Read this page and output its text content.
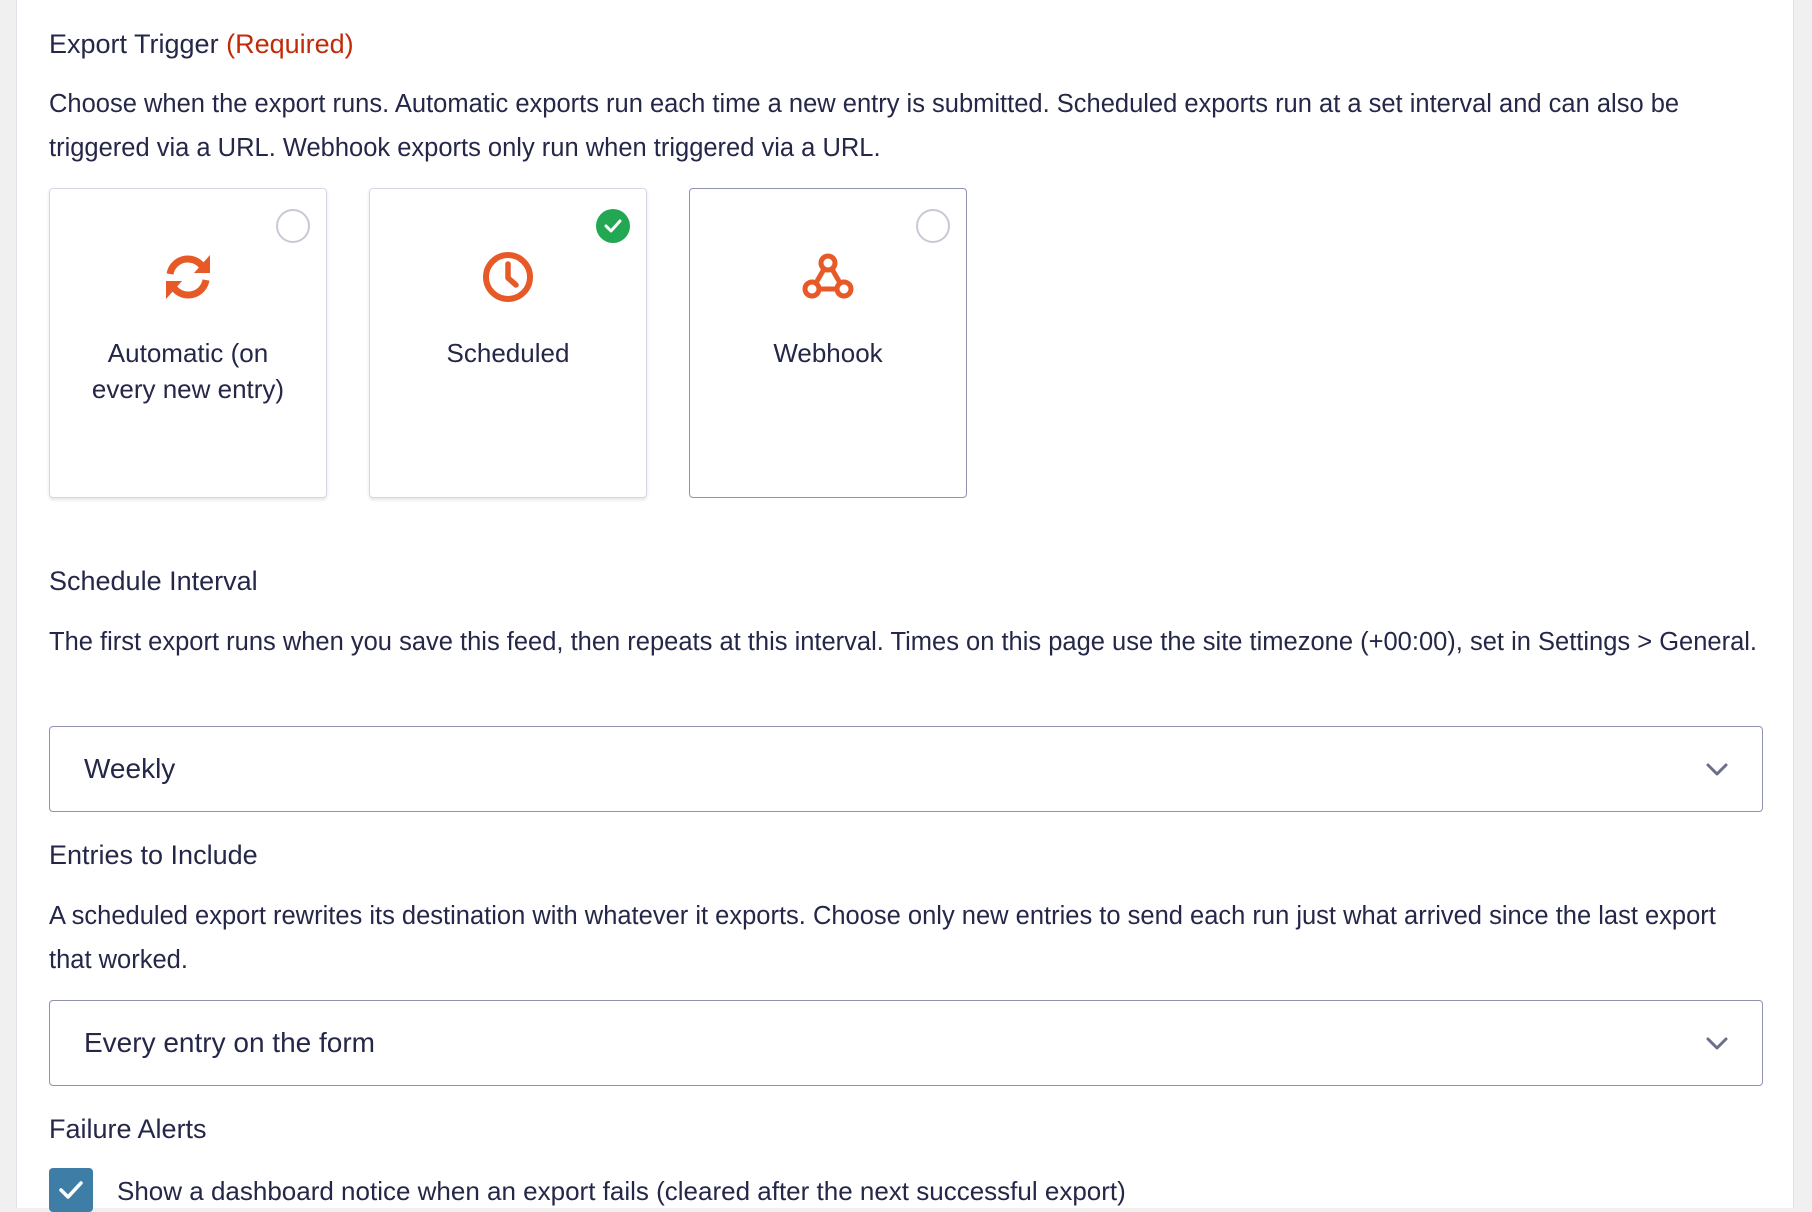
Export Trigger (Required)
Choose when the export runs. Automatic exports run each time a new entry is submitted. Scheduled exports run at a set interval and can also be triggered via a URL. Webhook exports only run when triggered via a URL.
Automatic (on every new entry)
Scheduled	Webhook
Schedule Interval
The first export runs when you save this feed, then repeats at this interval. Times on this page use the site timezone (+00:00), set in Settings > General.
Weekly
Entries to Include
A scheduled export rewrites its destination with whatever it exports. Choose only new entries to send each run just what arrived since the last export that worked.
Every entry on the form
Failure Alerts
Show a dashboard notice when an export fails (cleared after the next successful export)
